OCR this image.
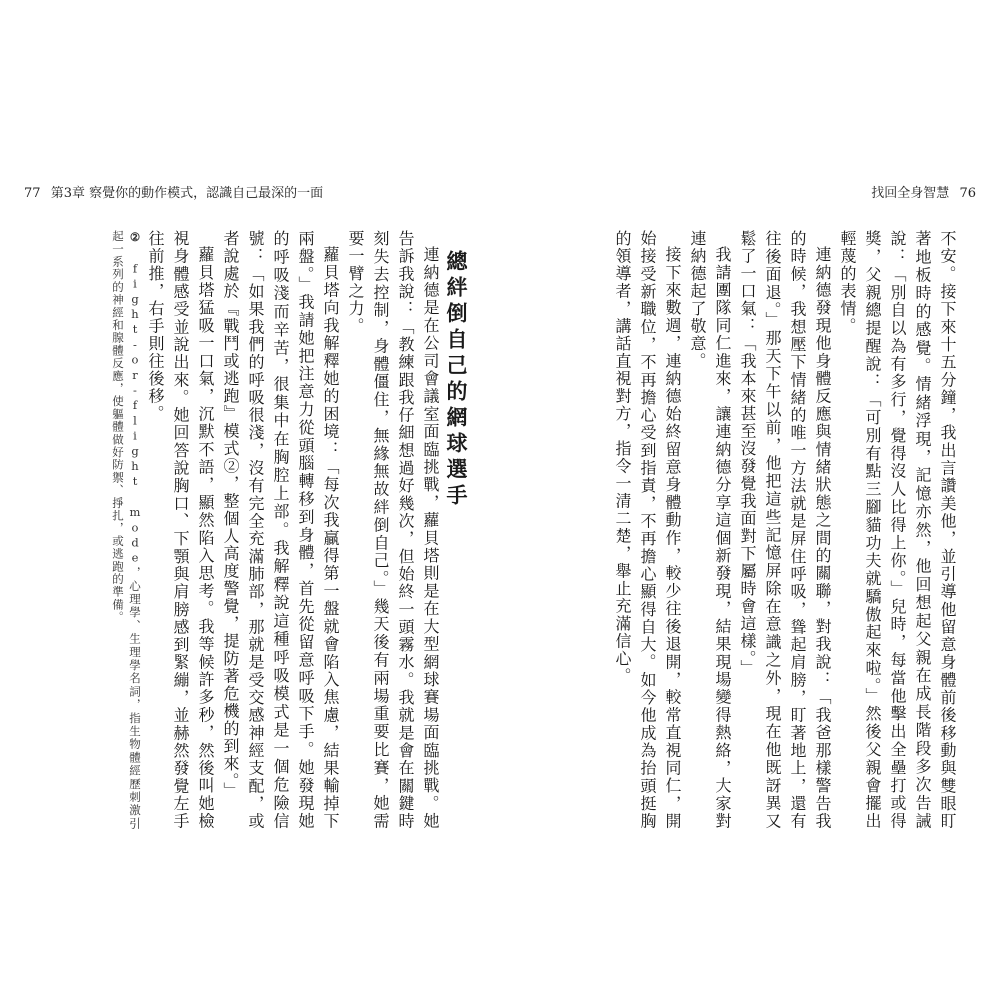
77 第3章 察覺你的動作模式，認識自己最深的一面	找回全身智慧 76

不安。接下來十五分鐘，我出言讚美他，並引導他留意身體前後移動與雙眼盯著地板時的感覺。情緒浮現，記憶亦然，他回想起父親在成長階段多次告誡說：「別自以為有多行，覺得沒人比得上你。」兒時，每當他擊出全壘打或得獎，父親總提醒說：「可別有點三腳貓功夫就驕傲起來啦。」然後父親會擺出輕蔑的表情。

連納德發現他身體反應與情緒狀態之間的關聯，對我說：「我爸那樣警告我的時候，我想壓下情緒的唯一方法就是屏住呼吸，聳起肩膀，盯著地上，還有往後面退。」那天下午以前，他把這些記憶屏除在意識之外，現在他既訝異又鬆了一口氣：「我本來甚至沒發覺我面對下屬時會這樣。」

我請團隊同仁進來，讓連納德分享這個新發現，結果現場變得熱絡，大家對連納德起了敬意。

接下來數週，連納德始終留意身體動作，較少往後退開，較常直視同仁，開始接受新職位，不再擔心受到指責，不再擔心顯得自大。如今他成為抬頭挺胸的領導者，講話直視對方，指令一清二楚，舉止充滿信心。

總絆倒自己的網球選手

連納德是在公司會議室面臨挑戰，蘿貝塔則是在大型網球賽場面臨挑戰。她告訴我說：「教練跟我仔細想過好幾次，但始終一頭霧水。我就是會在關鍵時刻失去控制，身體僵住，無緣無故絆倒自己。」幾天後有兩場重要比賽，她需要一臂之力。

蘿貝塔向我解釋她的困境：「每次我贏得第一盤就會陷入焦慮，結果輸掉下兩盤。」我請她把注意力從頭腦轉移到身體，首先從留意呼吸下手。她發現她的呼吸淺而辛苦，很集中在胸腔上部。我解釋說這種呼吸模式是一個危險信號：「如果我們的呼吸很淺，沒有完全充滿肺部，那就是受交感神經支配，或者說處於『戰鬥或逃跑』模式②，整個人高度警覺，提防著危機的到來。」

蘿貝塔猛吸一口氣，沉默不語，顯然陷入思考。我等候許多秒，然後叫她檢視身體感受並說出來。她回答說胸口、下顎與肩膀感到緊繃，並赫然發覺左手往前推，右手則往後移。

② fight-or-flight mode，心理學、生理學名詞，指生物體經歷刺激引起一系列的神經和腺體反應，使軀體做好防禦、掙扎，或逃跑的準備。
